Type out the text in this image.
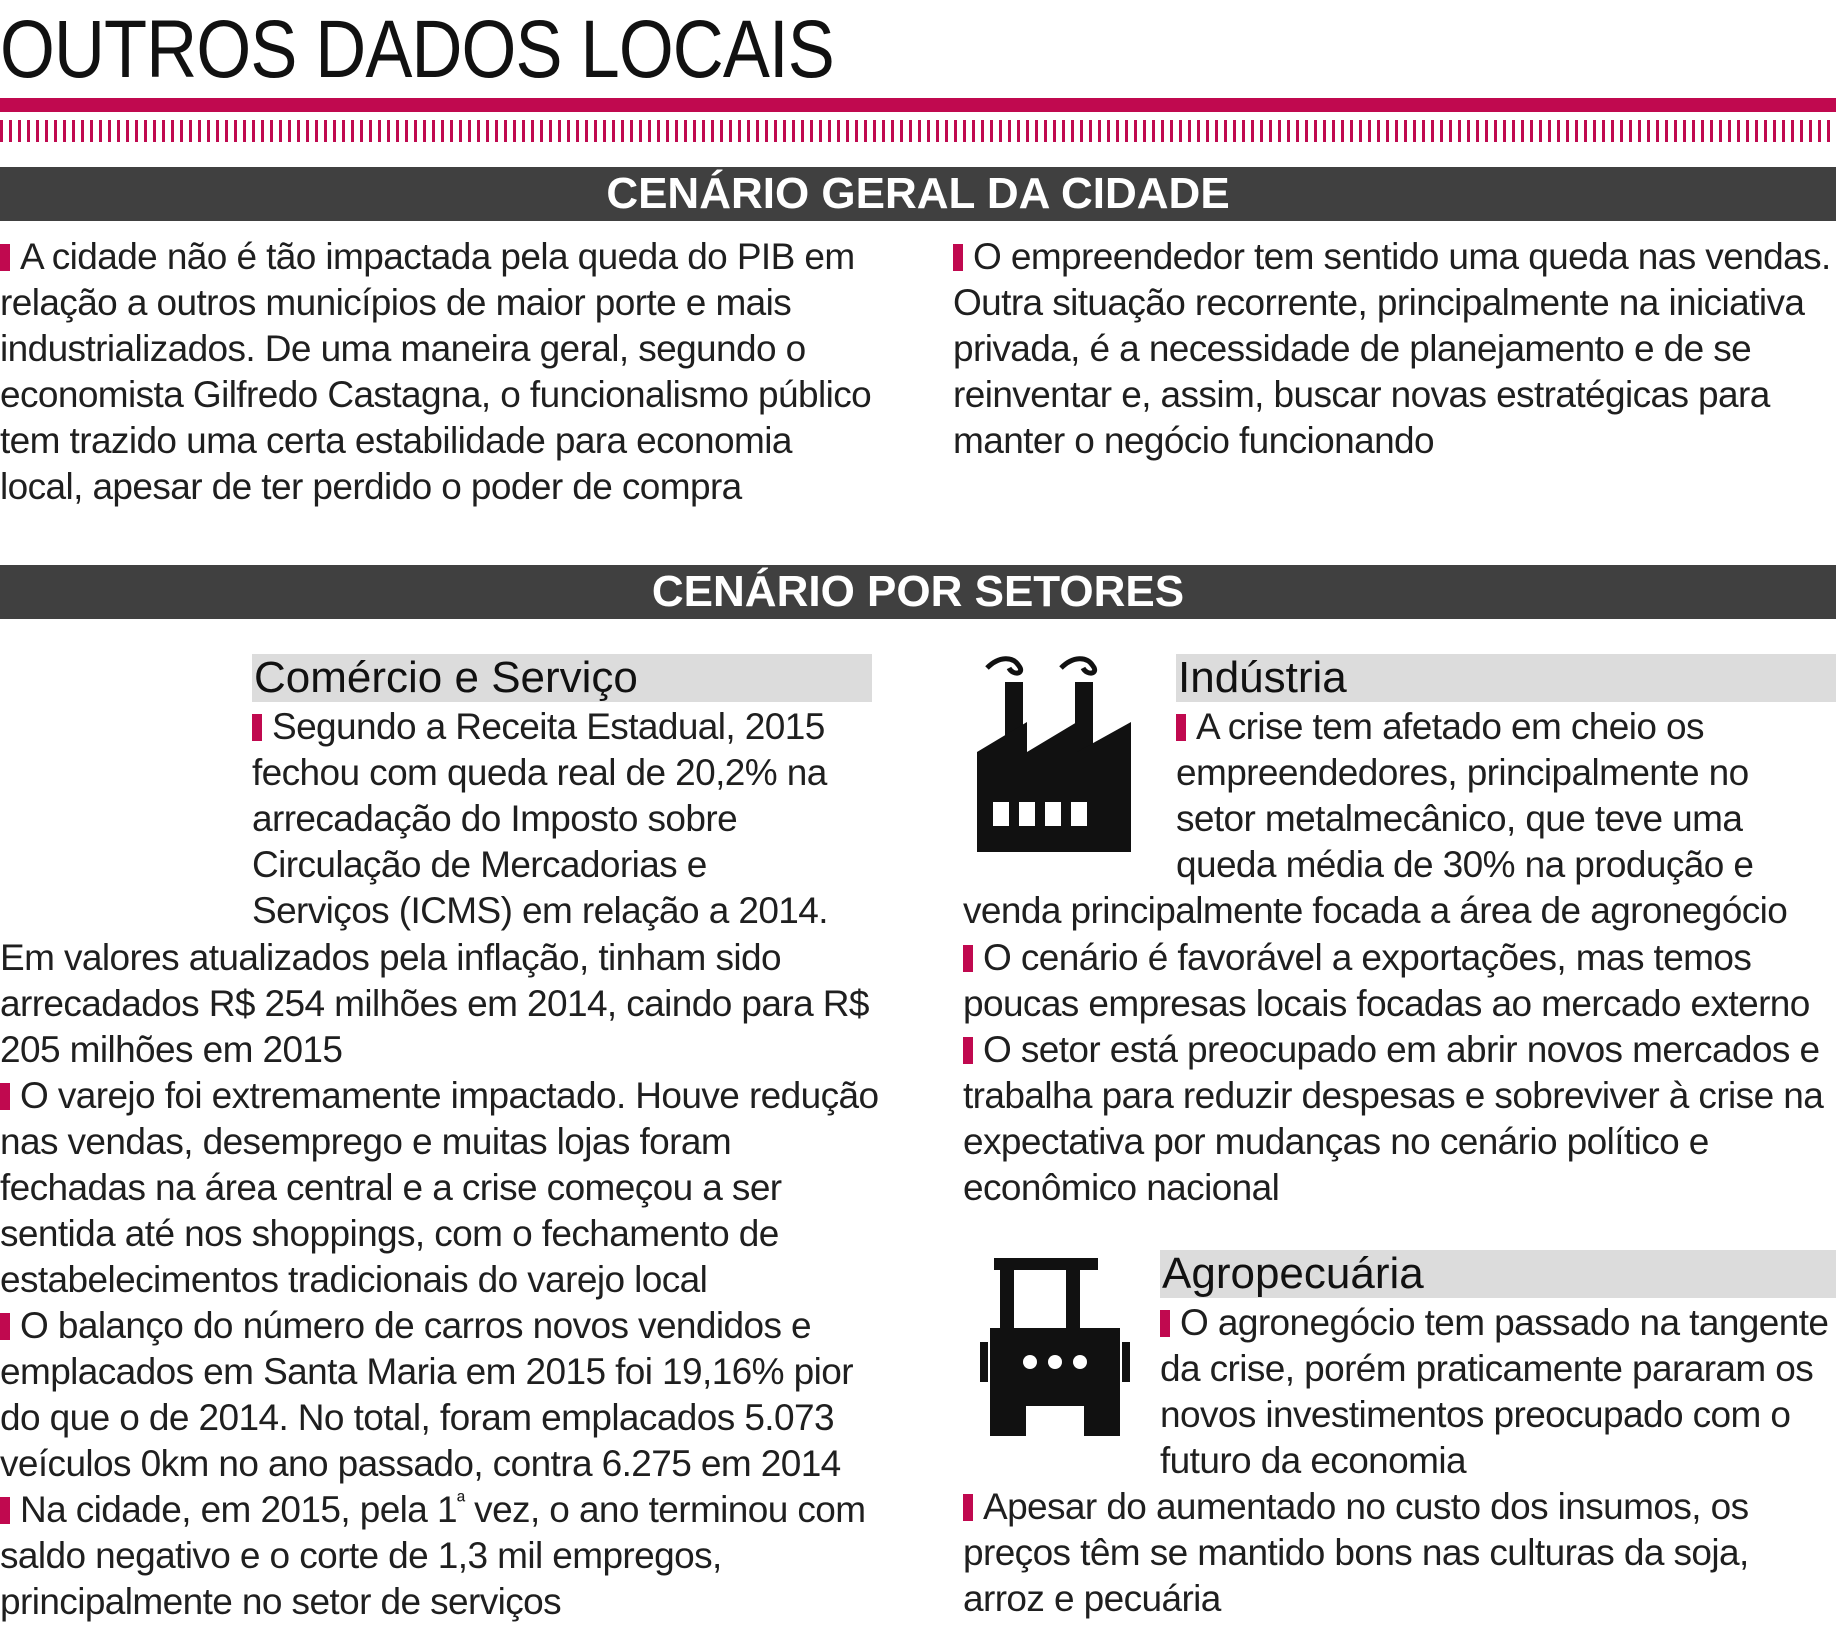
OUTROS DADOS LOCAIS
CENÁRIO GERAL DA CIDADE

A cidade não é tão impactada pela queda do PIB em relação a outros municípios de maior porte e mais industrializados. De uma maneira geral, segundo o economista Gilfredo Castagna, o funcionalismo público tem trazido uma certa estabilidade para economia local, apesar de ter perdido o poder de compra

O empreendedor tem sentido uma queda nas vendas. Outra situação recorrente, principalmente na iniciativa privada, é a necessidade de planejamento e de se reinventar e, assim, buscar novas estratégicas para manter o negócio funcionando

CENÁRIO POR SETORES
Comércio e Serviço

Segundo a Receita Estadual, 2015 fechou com queda real de 20,2% na arrecadação do Imposto sobre Circulação de Mercadorias e Serviços (ICMS) em relação a 2014.

Em valores atualizados pela inflação, tinham sido arrecadados R$ 254 milhões em 2014, caindo para R$ 205 milhões em 2015

O varejo foi extremamente impactado. Houve redução nas vendas, desemprego e muitas lojas foram fechadas na área central e a crise começou a ser sentida até nos shoppings, com o fechamento de estabelecimentos tradicionais do varejo local

O balanço do número de carros novos vendidos e emplacados em Santa Maria em 2015 foi 19,16% pior do que o de 2014. No total, foram emplacados 5.073 veículos 0km no ano passado, contra 6.275 em 2014

Na cidade, em 2015, pela $1^ª$ vez, o ano terminou com saldo negativo e o corte de 1,3 mil empregos, principalmente no setor de serviços

Indústria

A crise tem afetado em cheio os empreendedores, principalmente no setor metalmecânico, que teve uma queda média de 30% na produção e

venda principalmente focada a área de agronegócio

O cenário é favorável a exportações, mas temos poucas empresas locais focadas ao mercado externo

O setor está preocupado em abrir novos mercados e trabalha para reduzir despesas e sobreviver à crise na expectativa por mudanças no cenário político e econômico nacional

Agropecuária

O agronegócio tem passado na tangente da crise, porém praticamente pararam os novos investimentos preocupado com o futuro da economia

Apesar do aumentado no custo dos insumos, os preços têm se mantido bons nas culturas da soja, arroz e pecuária
